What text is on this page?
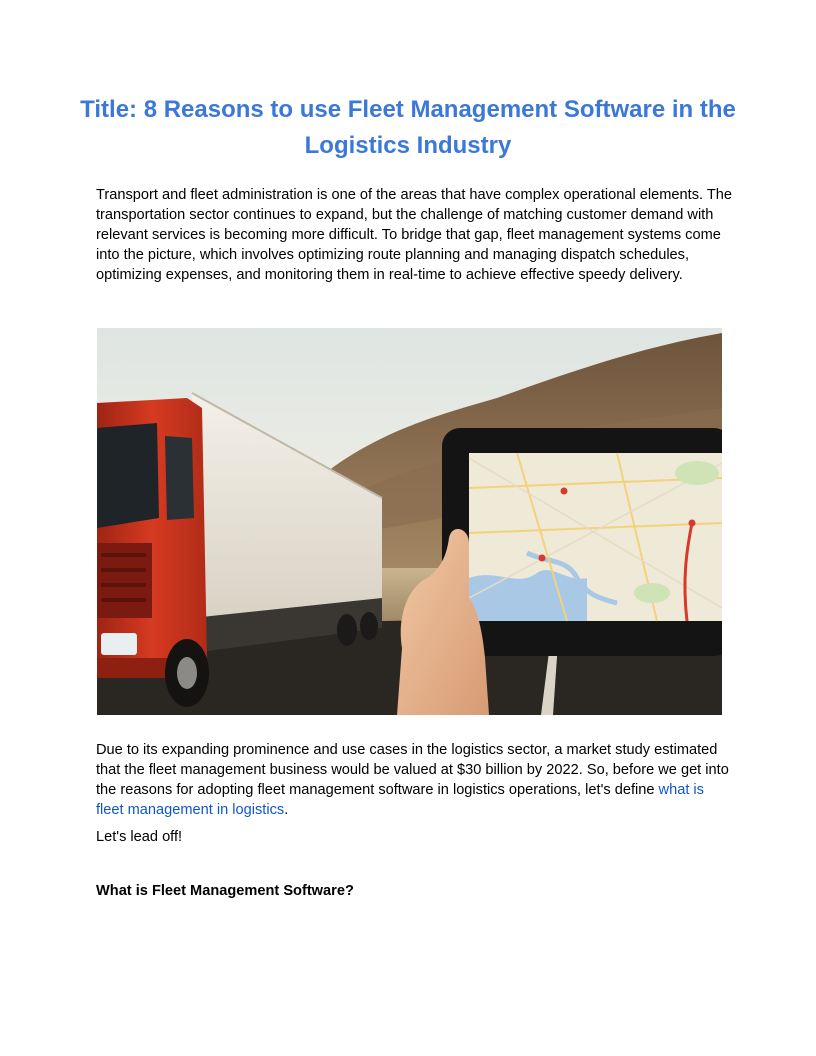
Title: 8 Reasons to use Fleet Management Software in the Logistics Industry

Transport and fleet administration is one of the areas that have complex operational elements. The transportation sector continues to expand, but the challenge of matching customer demand with relevant services is becoming more difficult. To bridge that gap, fleet management systems come into the picture, which involves optimizing route planning and managing dispatch schedules, optimizing expenses, and monitoring them in real-time to achieve effective speedy delivery.

Due to its expanding prominence and use cases in the logistics sector, a market study estimated that the fleet management business would be valued at $30 billion by 2022. So, before we get into the reasons for adopting fleet management software in logistics operations, let's define what is fleet management in logistics.

Let's lead off!

What is Fleet Management Software?
